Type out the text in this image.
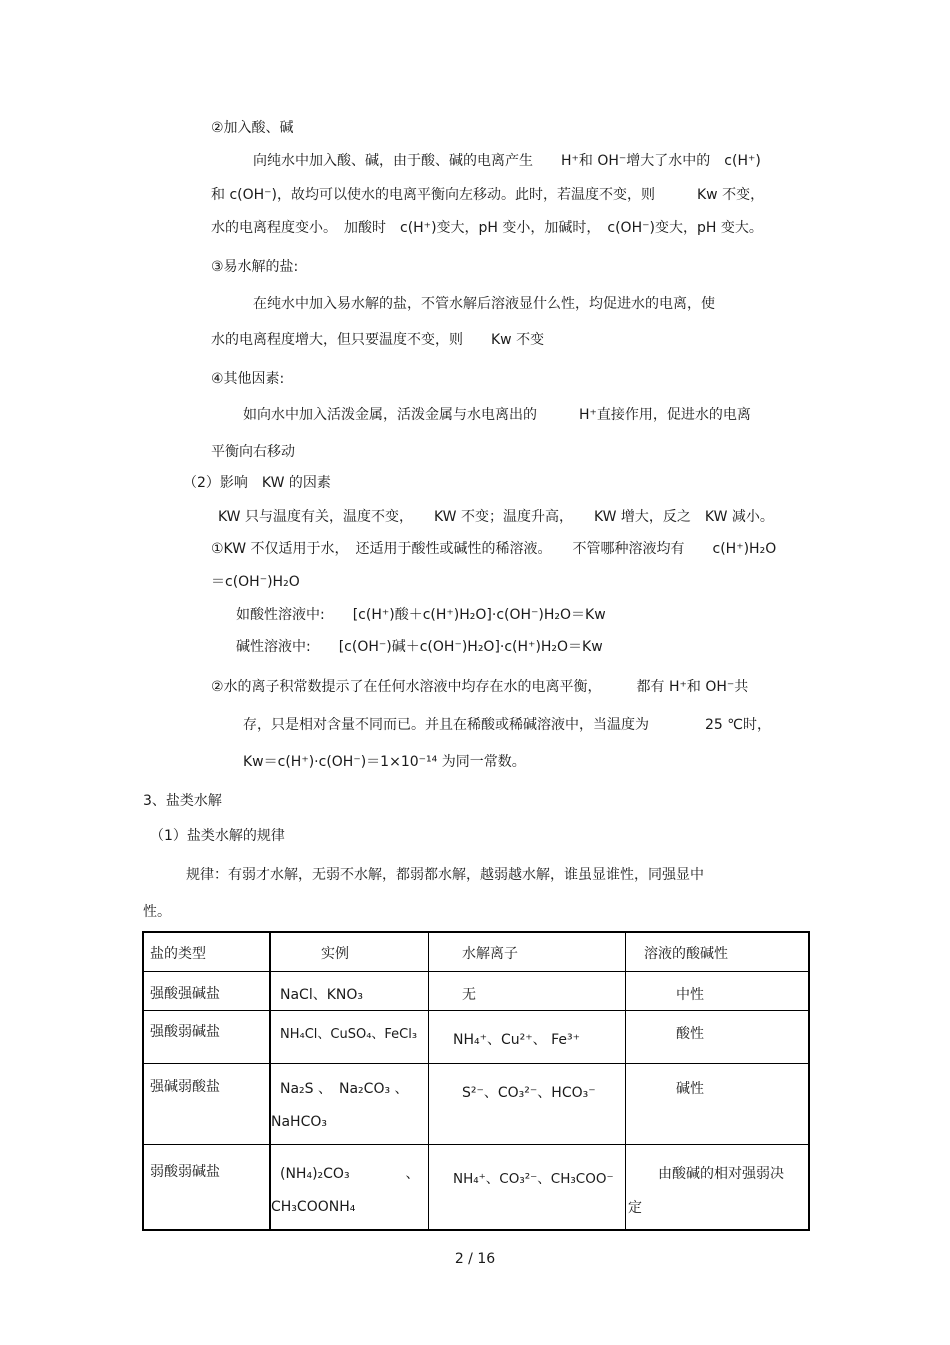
②加入酸、碱
向纯水中加入酸、碱，由于酸、碱的电离产生　　H⁺和 OH⁻增大了水中的　c(H⁺)
和 c(OH⁻)，故均可以使水的电离平衡向左移动。此时，若温度不变，则　　　Kw 不变，
水的电离程度变小。　加酸时　c(H⁺)变大，pH 变小，加碱时，　c(OH⁻)变大，pH 变大。
③易水解的盐:
在纯水中加入易水解的盐，不管水解后溶液显什么性，均促进水的电离，使
水的电离程度增大，但只要温度不变，则　　Kw 不变
④其他因素:
如向水中加入活泼金属，活泼金属与水电离出的　　　H⁺直接作用，促进水的电离
平衡向右移动
（2）影响　KW 的因素
KW 只与温度有关，温度不变，　　KW 不变；温度升高，　　KW 增大，反之　KW 减小。
①KW 不仅适用于水，　还适用于酸性或碱性的稀溶液。　　不管哪种溶液均有　　c(H⁺)H₂O
＝c(OH⁻)H₂O
如酸性溶液中:　　[c(H⁺)酸＋c(H⁺)H₂O]·c(OH⁻)H₂O＝Kw
碱性溶液中:　　[c(OH⁻)碱＋c(OH⁻)H₂O]·c(H⁺)H₂O＝Kw
②水的离子积常数提示了在任何水溶液中均存在水的电离平衡，　　　都有 H⁺和 OH⁻共
存，只是相对含量不同而已。并且在稀酸或稀碱溶液中，当温度为　　　　25 ℃时，
Kw＝c(H⁺)·c(OH⁻)＝1×10⁻¹⁴ 为同一常数。
3、盐类水解
（1）盐类水解的规律
规律：有弱才水解，无弱不水解，都弱都水解，越弱越水解，谁虽显谁性，同强显中
性。
盐的类型	实例	水解离子	溶液的酸碱性

强酸强碱盐	NaCl、KNO₃	无	中性

强酸弱碱盐	NH₄Cl、CuSO₄、FeCl₃	NH₄⁺、Cu²⁺、 Fe³⁺	酸性

强碱弱酸盐	Na₂S 、　Na₂CO₃ 、
NaHCO₃	S²⁻、CO₃²⁻、HCO₃⁻	碱性

弱酸弱碱盐	(NH₄)₂CO₃　　　　、
CH₃COONH₄	NH₄⁺、CO₃²⁻、CH₃COO⁻	由酸碱的相对强弱决
定
2 / 16
